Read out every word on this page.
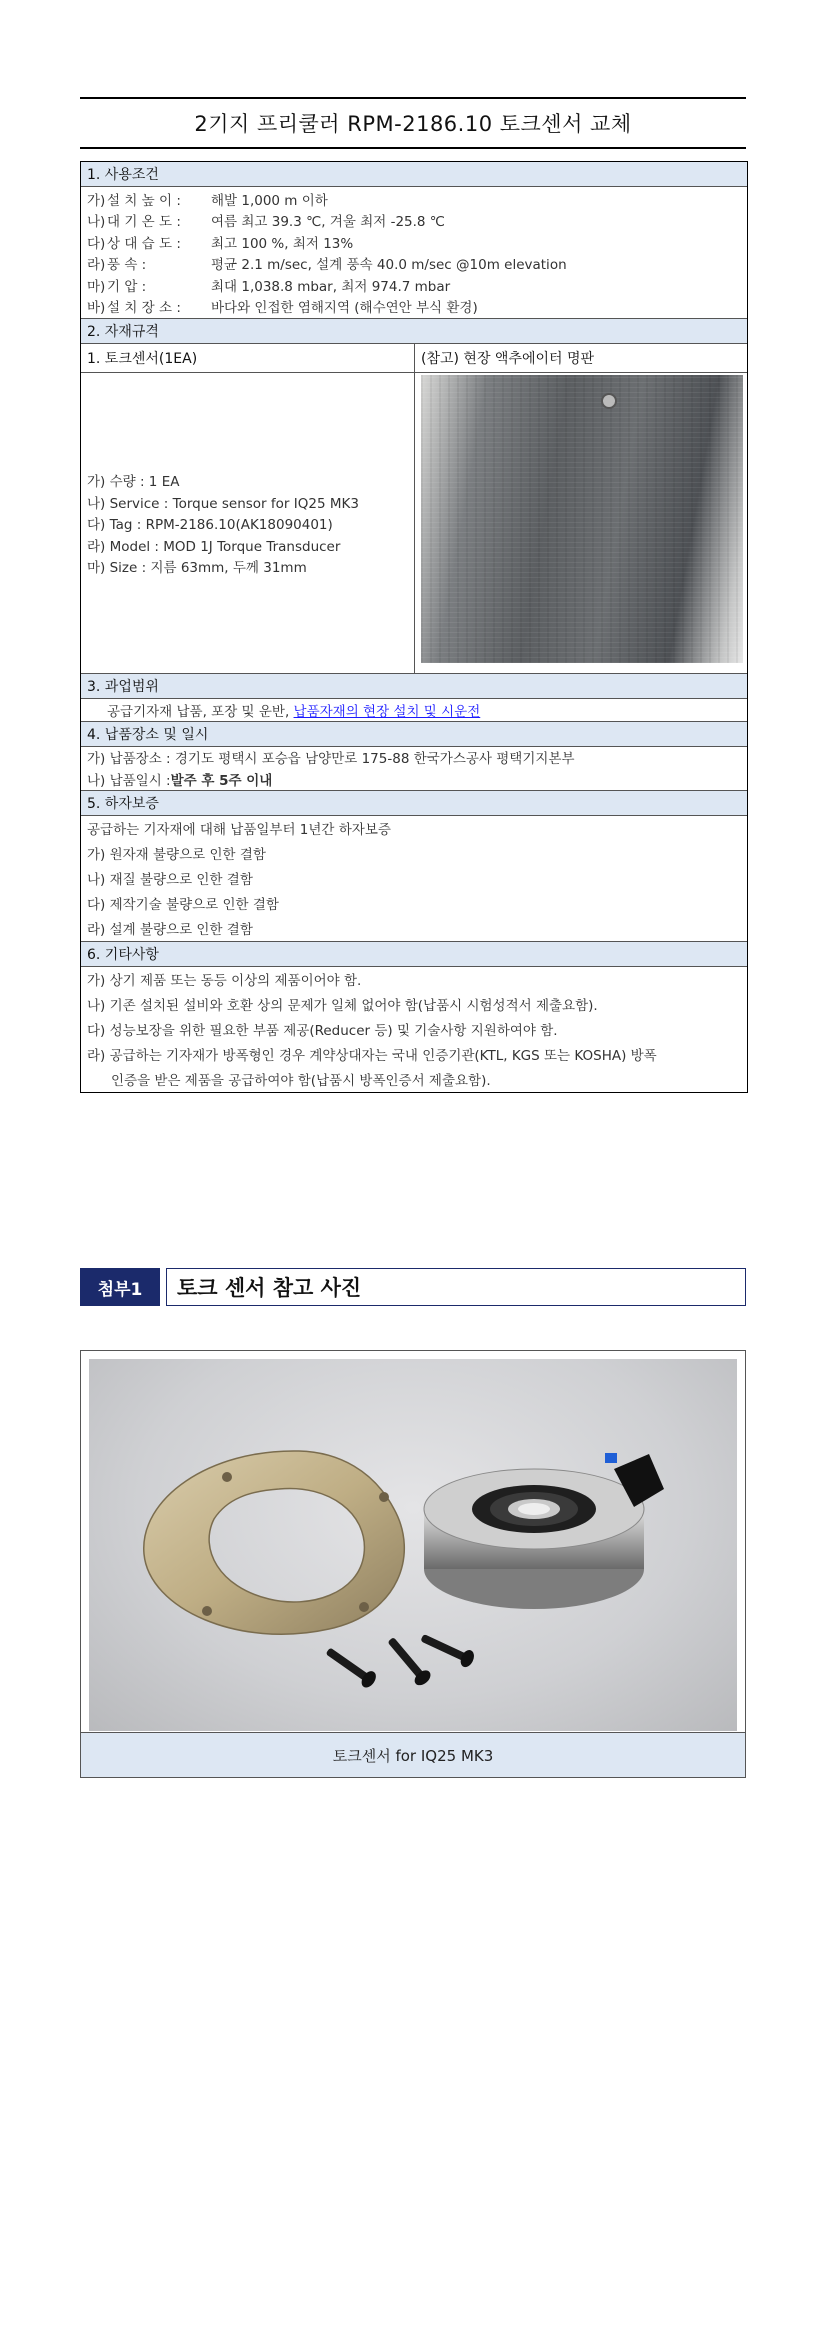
2기지 프리쿨러 RPM-2186.10 토크센서 교체
1. 사용조건
가) 설 치 높 이 :	해발 1,000 m 이하
나) 대 기 온 도 :	여름 최고 39.3 ℃, 겨울 최저 -25.8 ℃
다) 상 대 습 도 :	최고 100 %, 최저 13%
라) 풍 속 :	평균 2.1 m/sec, 설계 풍속 40.0 m/sec @10m elevation
마) 기 압 :	최대 1,038.8 mbar, 최저 974.7 mbar
바) 설 치 장 소 :	바다와 인접한 염해지역 (해수연안 부식 환경)
2. 자재규격
1. 토크센서(1EA)
가) 수량 : 1 EA
나) Service : Torque sensor for IQ25 MK3
다) Tag : RPM-2186.10(AK18090401)
라) Model : MOD 1J Torque Transducer
마) Size : 지름 63mm, 두께 31mm
(참고) 현장 액추에이터 명판
3. 과업범위
공급기자재 납품, 포장 및 운반,
납품자재의 현장 설치 및 시운전
4. 납품장소 및 일시
가) 납품장소 : 경기도 평택시 포승읍 남양만로 175-88 한국가스공사 평택기지본부
나) 납품일시 : 발주 후 5주 이내
5. 하자보증
공급하는 기자재에 대해 납품일부터 1년간 하자보증
가) 원자재 불량으로 인한 결함
나) 재질 불량으로 인한 결함
다) 제작기술 불량으로 인한 결함
라) 설계 불량으로 인한 결함
6. 기타사항
가) 상기 제품 또는 동등 이상의 제품이어야 함.
나) 기존 설치된 설비와 호환 상의 문제가 일체 없어야 함(납품시 시험성적서 제출요함).
다) 성능보장을 위한 필요한 부품 제공(Reducer 등) 및 기술사항 지원하여야 함.
라) 공급하는 기자재가 방폭형인 경우 계약상대자는 국내 인증기관(KTL, KGS 또는 KOSHA) 방폭
인증을 받은 제품을 공급하여야 함(납품시 방폭인증서 제출요함).
첨부1	토크 센서 참고 사진
토크센서 for IQ25 MK3
